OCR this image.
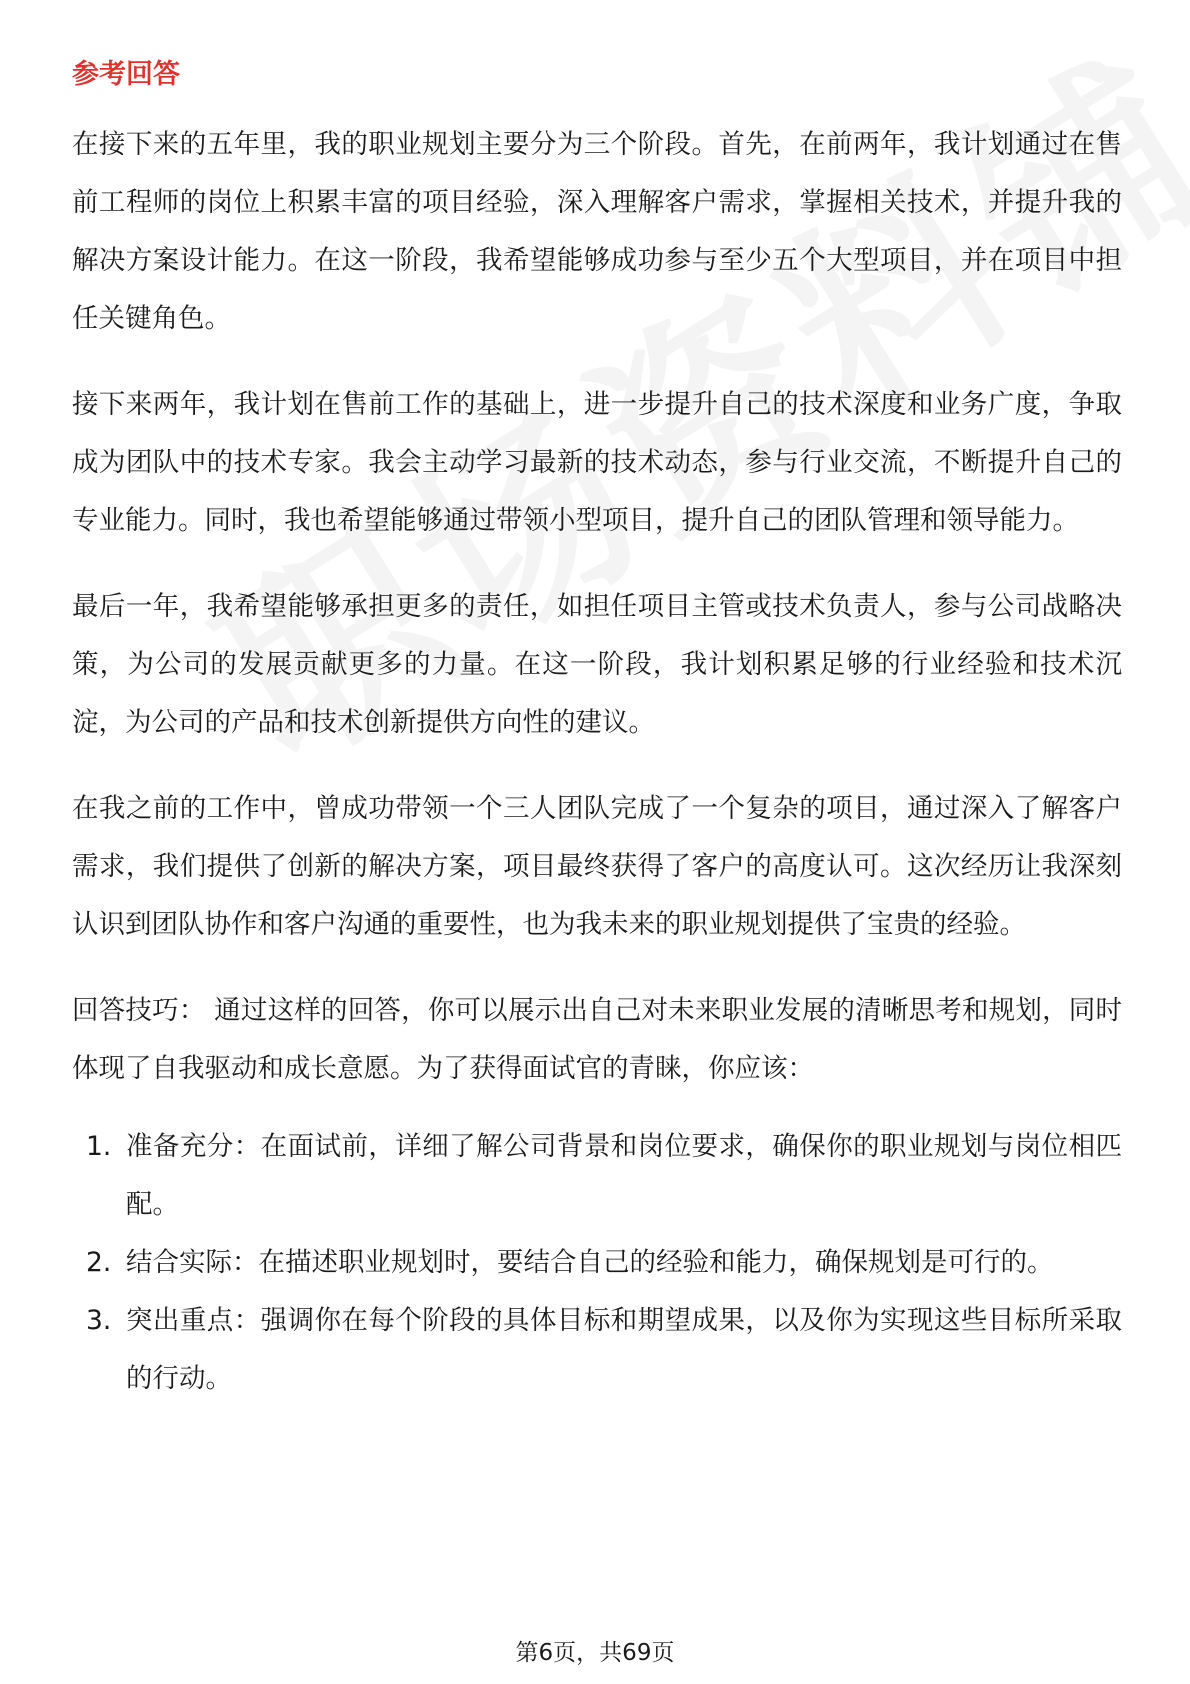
参考回答

在接下来的五年里，我的职业规划主要分为三个阶段。首先，在前两年，我计划通过在售前工程师的岗位上积累丰富的项目经验，深入理解客户需求，掌握相关技术，并提升我的解决方案设计能力。在这一阶段，我希望能够成功参与至少五个大型项目，并在项目中担任关键角色。

接下来两年，我计划在售前工作的基础上，进一步提升自己的技术深度和业务广度，争取成为团队中的技术专家。我会主动学习最新的技术动态，参与行业交流，不断提升自己的专业能力。同时，我也希望能够通过带领小型项目，提升自己的团队管理和领导能力。

最后一年，我希望能够承担更多的责任，如担任项目主管或技术负责人，参与公司战略决策，为公司的发展贡献更多的力量。在这一阶段，我计划积累足够的行业经验和技术沉淀，为公司的产品和技术创新提供方向性的建议。

在我之前的工作中，曾成功带领一个三人团队完成了一个复杂的项目，通过深入了解客户需求，我们提供了创新的解决方案，项目最终获得了客户的高度认可。这次经历让我深刻认识到团队协作和客户沟通的重要性，也为我未来的职业规划提供了宝贵的经验。

回答技巧： 通过这样的回答，你可以展示出自己对未来职业发展的清晰思考和规划，同时体现了自我驱动和成长意愿。为了获得面试官的青睐，你应该：

1. 准备充分：在面试前，详细了解公司背景和岗位要求，确保你的职业规划与岗位相匹配。
2. 结合实际：在描述职业规划时，要结合自己的经验和能力，确保规划是可行的。
3. 突出重点：强调你在每个阶段的具体目标和期望成果，以及你为实现这些目标所采取的行动。
第6页，共69页
